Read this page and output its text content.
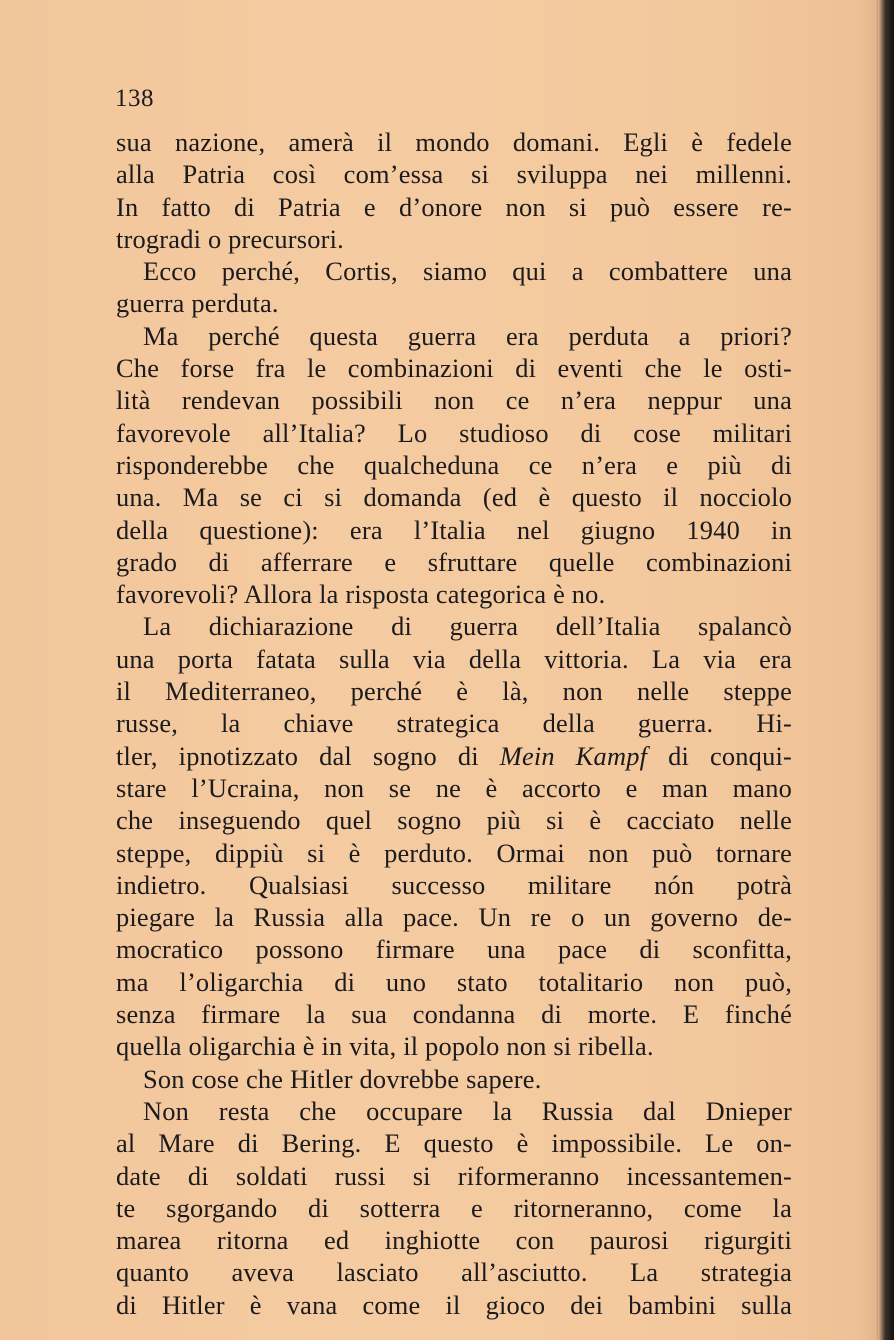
138

sua nazione, amerà il mondo domani. Egli è fedele
alla Patria così com’essa si sviluppa nei millenni.
In fatto di Patria e d’onore non si può essere re-
trogradi o precursori.
Ecco perché, Cortis, siamo qui a combattere una
guerra perduta.
Ma perché questa guerra era perduta a priori?
Che forse fra le combinazioni di eventi che le osti-
lità rendevan possibili non ce n’era neppur una
favorevole all’Italia? Lo studioso di cose militari
risponderebbe che qualcheduna ce n’era e più di
una. Ma se ci si domanda (ed è questo il nocciolo
della questione): era l’Italia nel giugno 1940 in
grado di afferrare e sfruttare quelle combinazioni
favorevoli? Allora la risposta categorica è no.
La dichiarazione di guerra dell’Italia spalancò
una porta fatata sulla via della vittoria. La via era
il Mediterraneo, perché è là, non nelle steppe
russe, la chiave strategica della guerra. Hi-
tler, ipnotizzato dal sogno di Mein Kampf di conqui-
stare l’Ucraina, non se ne è accorto e man mano
che inseguendo quel sogno più si è cacciato nelle
steppe, dippiù si è perduto. Ormai non può tornare
indietro. Qualsiasi successo militare nón potrà
piegare la Russia alla pace. Un re o un governo de-
mocratico possono firmare una pace di sconfitta,
ma l’oligarchia di uno stato totalitario non può,
senza firmare la sua condanna di morte. E finché
quella oligarchia è in vita, il popolo non si ribella.
Son cose che Hitler dovrebbe sapere.
Non resta che occupare la Russia dal Dnieper
al Mare di Bering. E questo è impossibile. Le on-
date di soldati russi si riformeranno incessantemen-
te sgorgando di sotterra e ritorneranno, come la
marea ritorna ed inghiotte con paurosi rigurgiti
quanto aveva lasciato all’asciutto. La strategia
di Hitler è vana come il gioco dei bambini sulla
